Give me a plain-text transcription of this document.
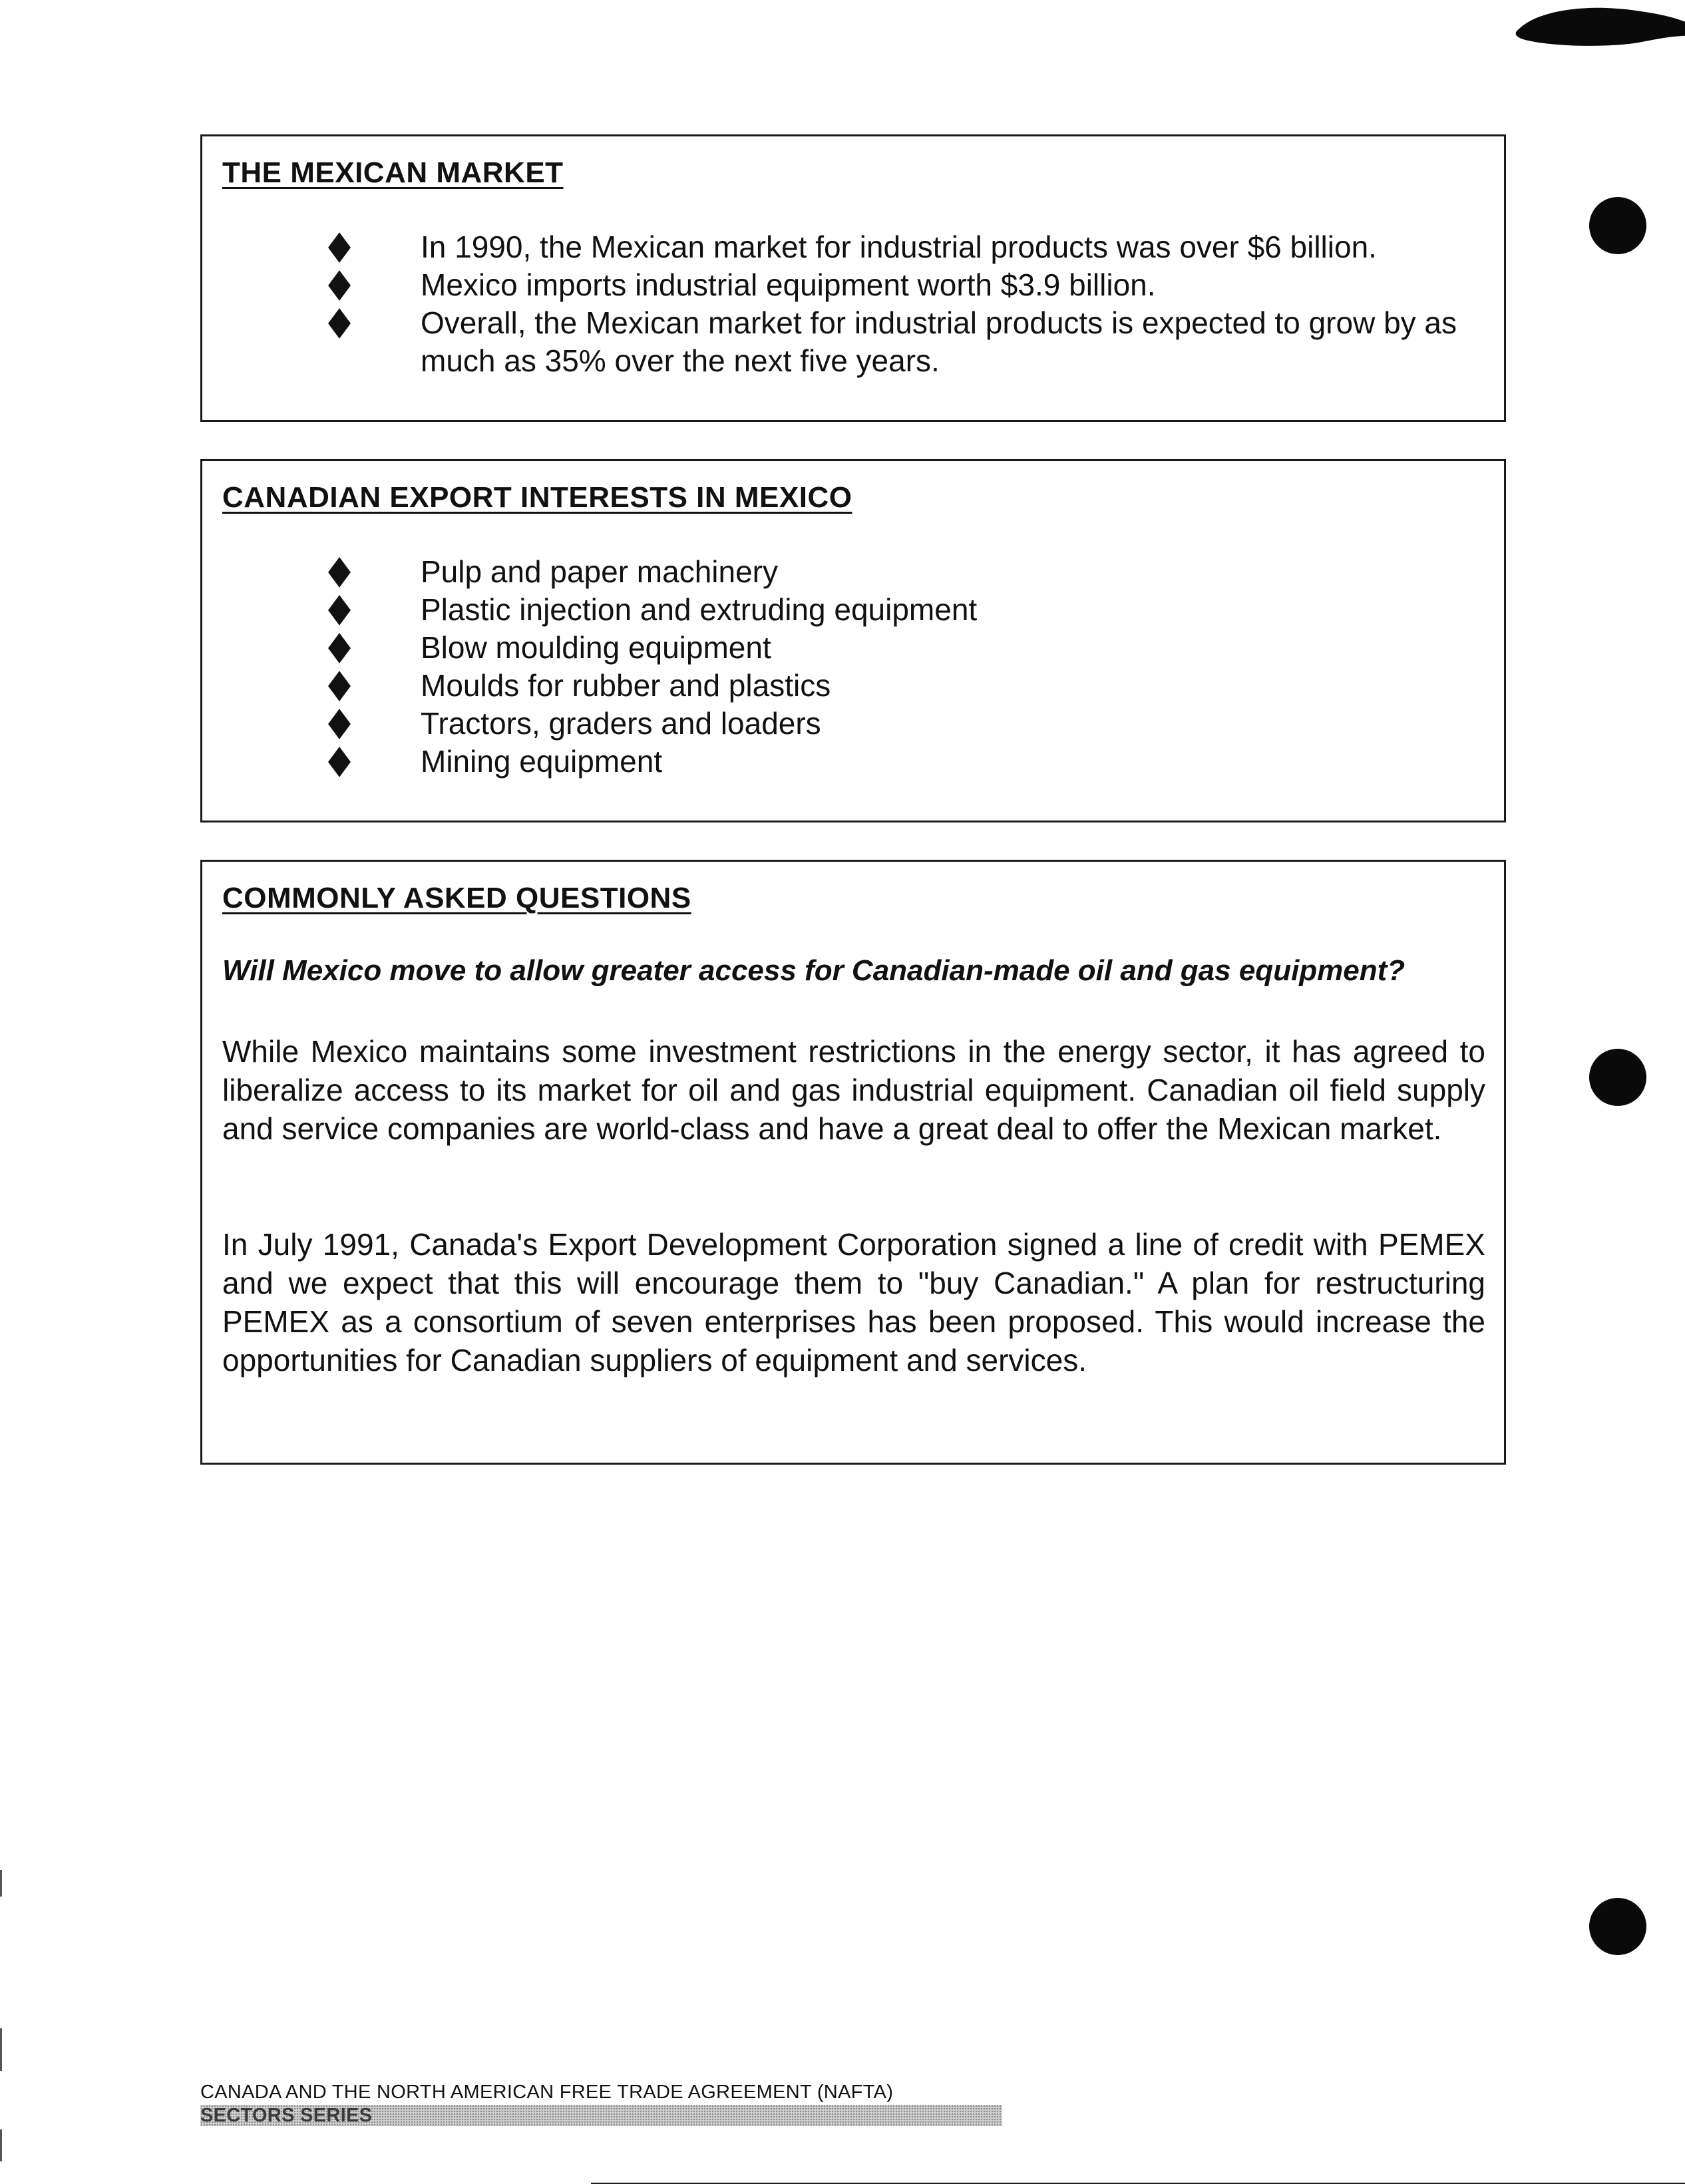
THE MEXICAN MARKET
In 1990, the Mexican market for industrial products was over $6 billion.
Mexico imports industrial equipment worth $3.9 billion.
Overall, the Mexican market for industrial products is expected to grow by as much as 35% over the next five years.
CANADIAN EXPORT INTERESTS IN MEXICO
Pulp and paper machinery
Plastic injection and extruding equipment
Blow moulding equipment
Moulds for rubber and plastics
Tractors, graders and loaders
Mining equipment
COMMONLY ASKED QUESTIONS
Will Mexico move to allow greater access for Canadian-made oil and gas equipment?

While Mexico maintains some investment restrictions in the energy sector, it has agreed to liberalize access to its market for oil and gas industrial equipment. Canadian oil field supply and service companies are world-class and have a great deal to offer the Mexican market.

In July 1991, Canada's Export Development Corporation signed a line of credit with PEMEX and we expect that this will encourage them to "buy Canadian." A plan for restructuring PEMEX as a consortium of seven enterprises has been proposed. This would increase the opportunities for Canadian suppliers of equipment and services.

CANADA AND THE NORTH AMERICAN FREE TRADE AGREEMENT (NAFTA)
SECTORS SERIES
